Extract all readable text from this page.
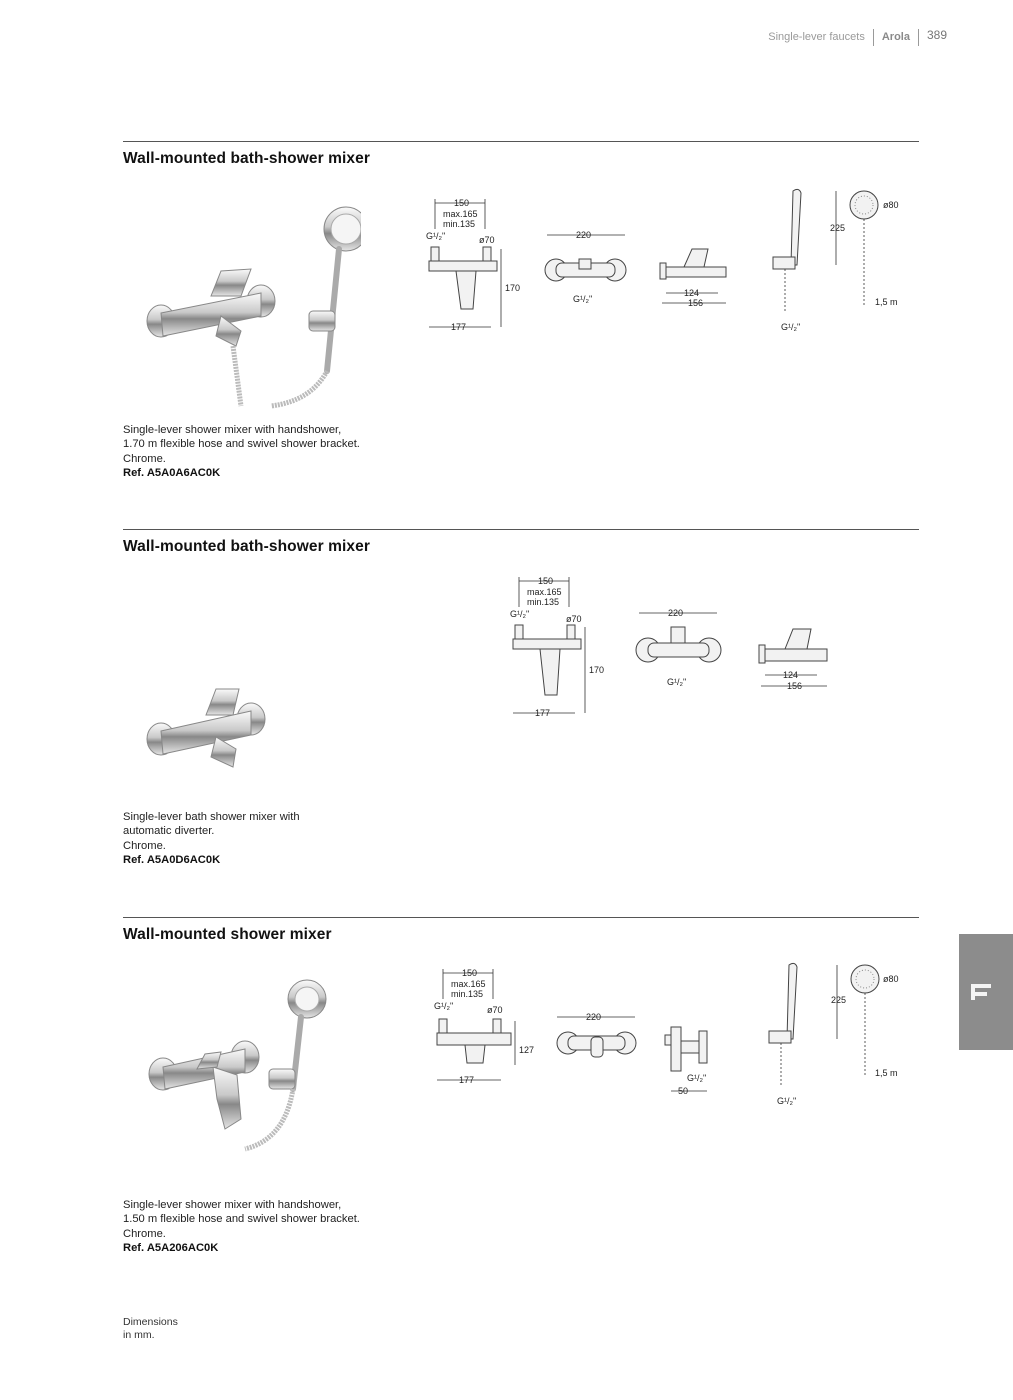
Single-lever faucets Arola 389
Wall-mounted bath-shower mixer
150
max.165
min.135
G¹/₂"	ø70
170
177
220
G¹/₂"
124
156
G¹/₂"
225
ø80
1,5 m
Single-lever shower mixer with handshower,
1.70 m flexible hose and swivel shower bracket.
Chrome.
Ref. A5A0A6AC0K
Wall-mounted bath-shower mixer
150
max.165
min.135
G¹/₂"	ø70
170
177
220
G¹/₂"
124
156
Single-lever bath shower mixer with
automatic diverter.
Chrome.
Ref. A5A0D6AC0K
Wall-mounted shower mixer
150
max.165
min.135
G¹/₂"	ø70
127
177
220
G¹/₂"
50
G¹/₂"
225
ø80
1,5 m
Single-lever shower mixer with handshower,
1.50 m flexible hose and swivel shower bracket.
Chrome.
Ref. A5A206AC0K
Dimensions
in mm.
